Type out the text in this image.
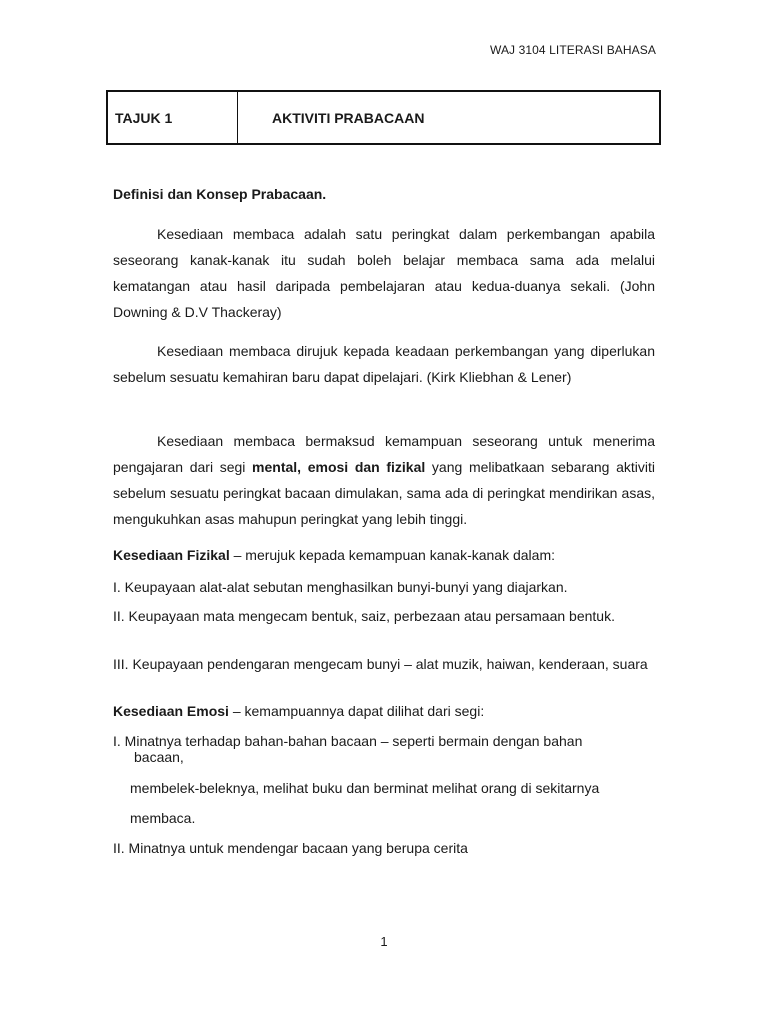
WAJ 3104 LITERASI BAHASA
TAJUK 1	AKTIVITI PRABACAAN
Definisi dan Konsep Prabacaan.

Kesediaan membaca adalah satu peringkat dalam perkembangan apabila seseorang kanak-kanak itu sudah boleh belajar membaca sama ada melalui kematangan atau hasil daripada pembelajaran atau kedua-duanya sekali. (John Downing & D.V Thackeray)

Kesediaan membaca dirujuk kepada keadaan perkembangan yang diperlukan sebelum sesuatu kemahiran baru dapat dipelajari. (Kirk Kliebhan & Lener)

Kesediaan membaca bermaksud kemampuan seseorang untuk menerima pengajaran dari segi mental, emosi dan fizikal yang melibatkaan sebarang aktiviti sebelum sesuatu peringkat bacaan dimulakan, sama ada di peringkat mendirikan asas, mengukuhkan asas mahupun peringkat yang lebih tinggi.

Kesediaan Fizikal – merujuk kepada kemampuan kanak-kanak dalam:

I. Keupayaan alat-alat sebutan menghasilkan bunyi-bunyi yang diajarkan.

II. Keupayaan mata mengecam bentuk, saiz, perbezaan atau persamaan bentuk.

III. Keupayaan pendengaran mengecam bunyi – alat muzik, haiwan, kenderaan, suara

Kesediaan Emosi – kemampuannya dapat dilihat dari segi:

I. Minatnya terhadap bahan-bahan bacaan – seperti bermain dengan bahan
bacaan,

membelek-beleknya, melihat buku dan berminat melihat orang di sekitarnya

membaca.

II. Minatnya untuk mendengar bacaan yang berupa cerita

1
